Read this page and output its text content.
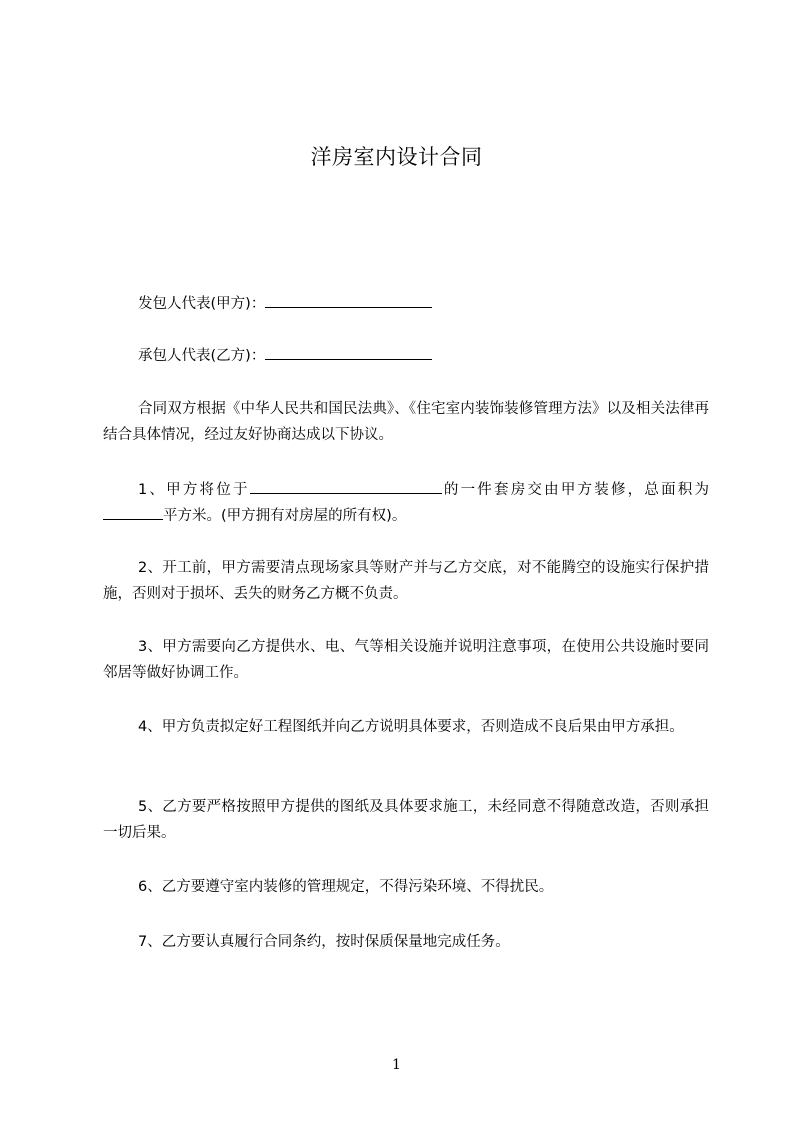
洋房室内设计合同
发包人代表(甲方)：
承包人代表(乙方)：
合同双方根据《中华人民共和国民法典》、《住宅室内装饰装修管理方法》以及相关法律再结合具体情况，经过友好协商达成以下协议。
1、甲方将位于	的一件套房交由甲方装修，总面积为平方米。(甲方拥有对房屋的所有权)。
2、开工前，甲方需要清点现场家具等财产并与乙方交底，对不能腾空的设施实行保护措施，否则对于损坏、丢失的财务乙方概不负责。
3、甲方需要向乙方提供水、电、气等相关设施并说明注意事项，在使用公共设施时要同邻居等做好协调工作。
4、甲方负责拟定好工程图纸并向乙方说明具体要求，否则造成不良后果由甲方承担。
5、乙方要严格按照甲方提供的图纸及具体要求施工，未经同意不得随意改造，否则承担一切后果。
6、乙方要遵守室内装修的管理规定，不得污染环境、不得扰民。
7、乙方要认真履行合同条约，按时保质保量地完成任务。
1
